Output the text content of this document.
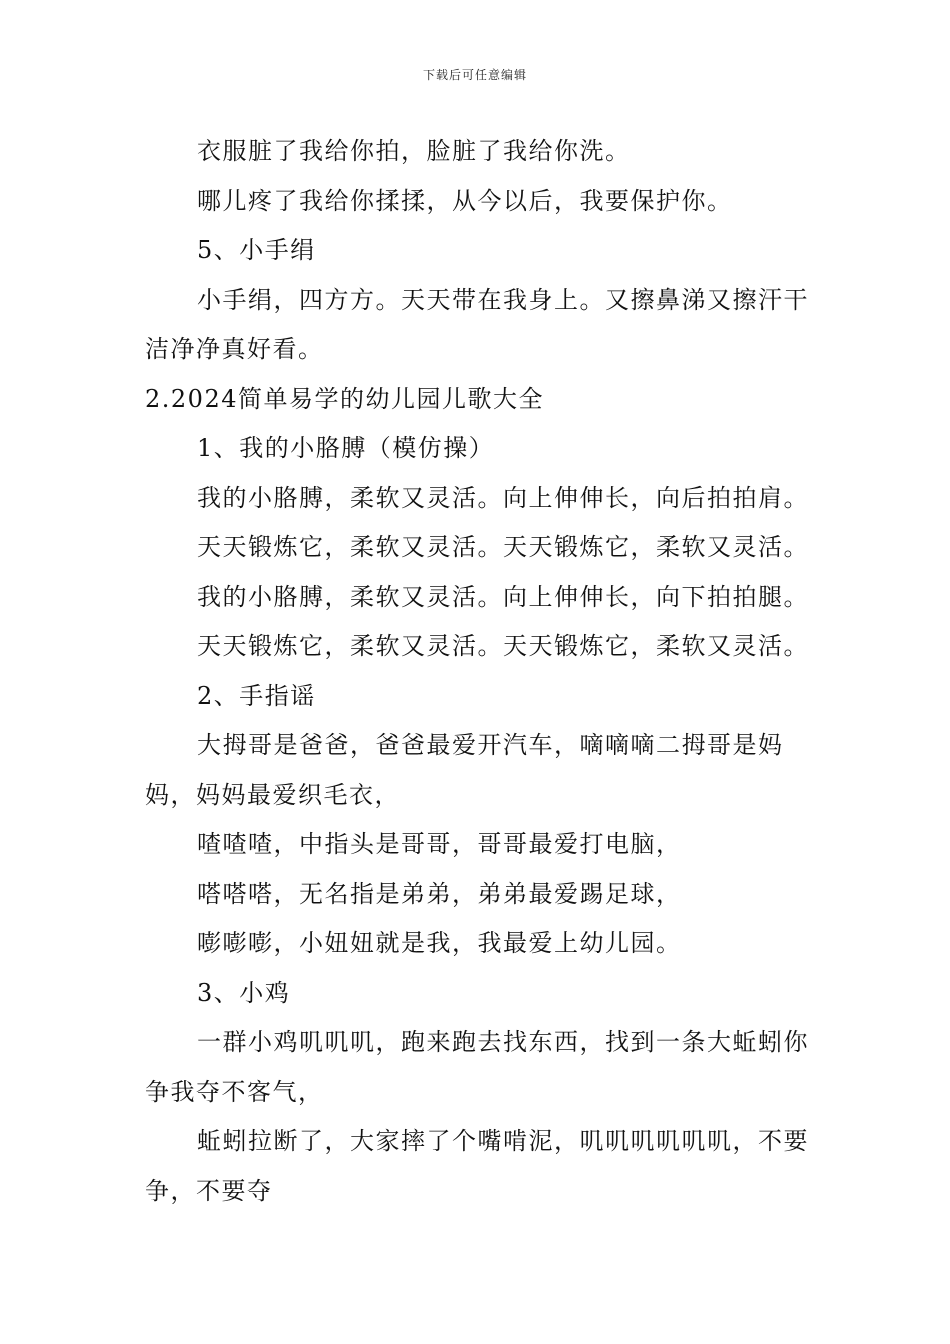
下载后可任意编辑

衣服脏了我给你拍，脸脏了我给你洗。

哪儿疼了我给你揉揉，从今以后，我要保护你。

5、小手绢

小手绢，四方方。天天带在我身上。又擦鼻涕又擦汗干洁净净真好看。

2.2024简单易学的幼儿园儿歌大全

1、我的小胳膊（模仿操）

我的小胳膊，柔软又灵活。向上伸伸长，向后拍拍肩。

天天锻炼它，柔软又灵活。天天锻炼它，柔软又灵活。

我的小胳膊，柔软又灵活。向上伸伸长，向下拍拍腿。

天天锻炼它，柔软又灵活。天天锻炼它，柔软又灵活。

2、手指谣

大拇哥是爸爸，爸爸最爱开汽车，嘀嘀嘀二拇哥是妈妈，妈妈最爱织毛衣，

喳喳喳，中指头是哥哥，哥哥最爱打电脑，

嗒嗒嗒，无名指是弟弟，弟弟最爱踢足球，

嘭嘭嘭，小妞妞就是我，我最爱上幼儿园。

3、小鸡

一群小鸡叽叽叽，跑来跑去找东西，找到一条大蚯蚓你争我夺不客气，

蚯蚓拉断了，大家摔了个嘴啃泥，叽叽叽叽叽叽，不要争，不要夺
